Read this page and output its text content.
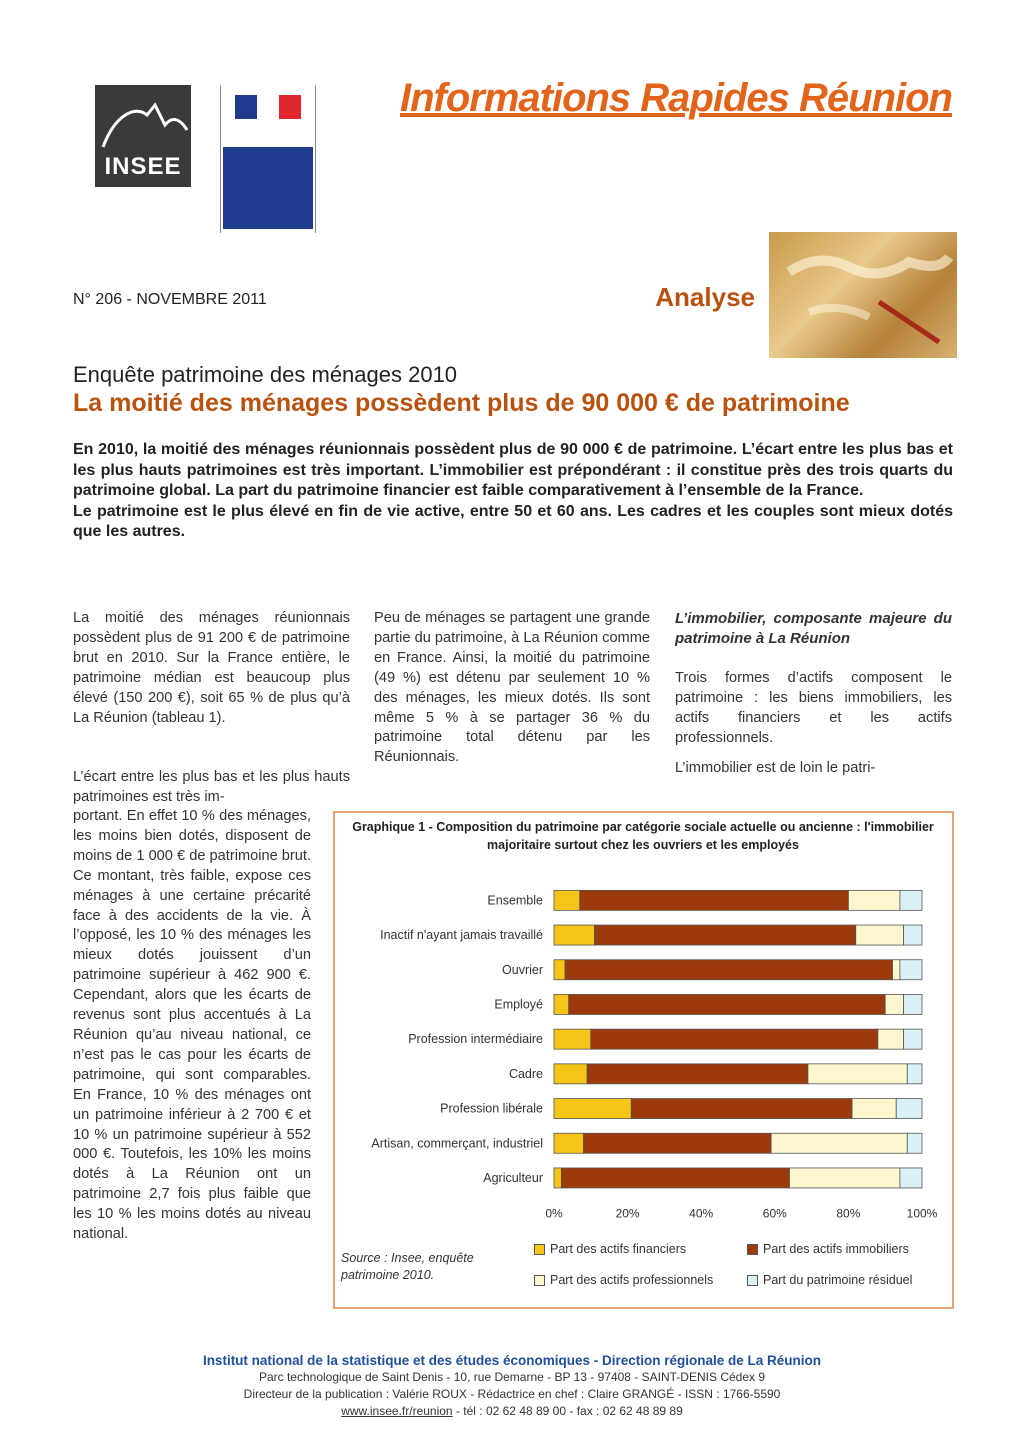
INSEE
Informations Rapides Réunion
N° 206 - NOVEMBRE 2011	Analyse
Enquête patrimoine des ménages 2010
La moitié des ménages possèdent plus de 90 000 € de patrimoine

En 2010, la moitié des ménages réunionnais possèdent plus de 90 000 € de patrimoine. L’écart entre les plus bas et les plus hauts patrimoines est très important. L’immobilier est prépondérant : il constitue près des trois quarts du patrimoine global. La part du patrimoine financier est faible comparativement à l’ensemble de la France.

Le patrimoine est le plus élevé en fin de vie active, entre 50 et 60 ans. Les cadres et les couples sont mieux dotés que les autres.

La moitié des ménages réunionnais possèdent plus de 91 200 € de patrimoine brut en 2010. Sur la France entière, le patrimoine médian est beaucoup plus élevé (150 200 €), soit 65 % de plus qu’à La Réunion (tableau 1).

L’écart entre les plus bas et les plus hauts patrimoines est très im-

portant. En effet 10 % des ménages, les moins bien dotés, disposent de moins de 1 000 € de patrimoine brut. Ce montant, très faible, expose ces ménages à une certaine précarité face à des accidents de la vie. À l’opposé, les 10 % des ménages les mieux dotés jouissent d’un patrimoine supérieur à 462 900 €. Cependant, alors que les écarts de revenus sont plus accentués à La Réunion qu’au niveau national, ce n’est pas le cas pour les écarts de patrimoine, qui sont comparables. En France, 10 % des ménages ont un patrimoine inférieur à 2 700 € et 10 % un patrimoine supérieur à 552 000 €. Toutefois, les 10% les moins dotés à La Réunion ont un patrimoine 2,7 fois plus faible que les 10 % les moins dotés au niveau national.

Peu de ménages se partagent une grande partie du patrimoine, à La Réunion comme en France. Ainsi, la moitié du patrimoine (49 %) est détenu par seulement 10 % des ménages, les mieux dotés. Ils sont même 5 % à se partager 36 % du patrimoine total détenu par les Réunionnais.

L’immobilier, composante majeure du patrimoine à La Réunion

Trois formes d’actifs composent le patrimoine : les biens immobiliers, les actifs financiers et les actifs professionnels.

L’immobilier est de loin le patri-

Graphique 1 - Composition du patrimoine par catégorie sociale actuelle ou ancienne : l'immobilier majoritaire surtout chez les ouvriers et les employés
Ensemble
Inactif n'ayant jamais travaillé
Ouvrier
Employé
Profession intermédiaire
Cadre
Profession libérale
Artisan, commerçant, industriel
Agriculteur
0%	20%	40%	60%	80%	100%
Source : Insee, enquête patrimoine 2010.
Part des actifs financiers	Part des actifs immobiliers
Part des actifs professionnels	Part du patrimoine résiduel
Institut national de la statistique et des études économiques - Direction régionale de La Réunion
Parc technologique de Saint Denis - 10, rue Demarne - BP 13 - 97408 - SAINT-DENIS Cédex 9
Directeur de la publication : Valérie ROUX - Rédactrice en chef : Claire GRANGÉ - ISSN : 1766-5590
www.insee.fr/reunion - tél : 02 62 48 89 00 - fax : 02 62 48 89 89
